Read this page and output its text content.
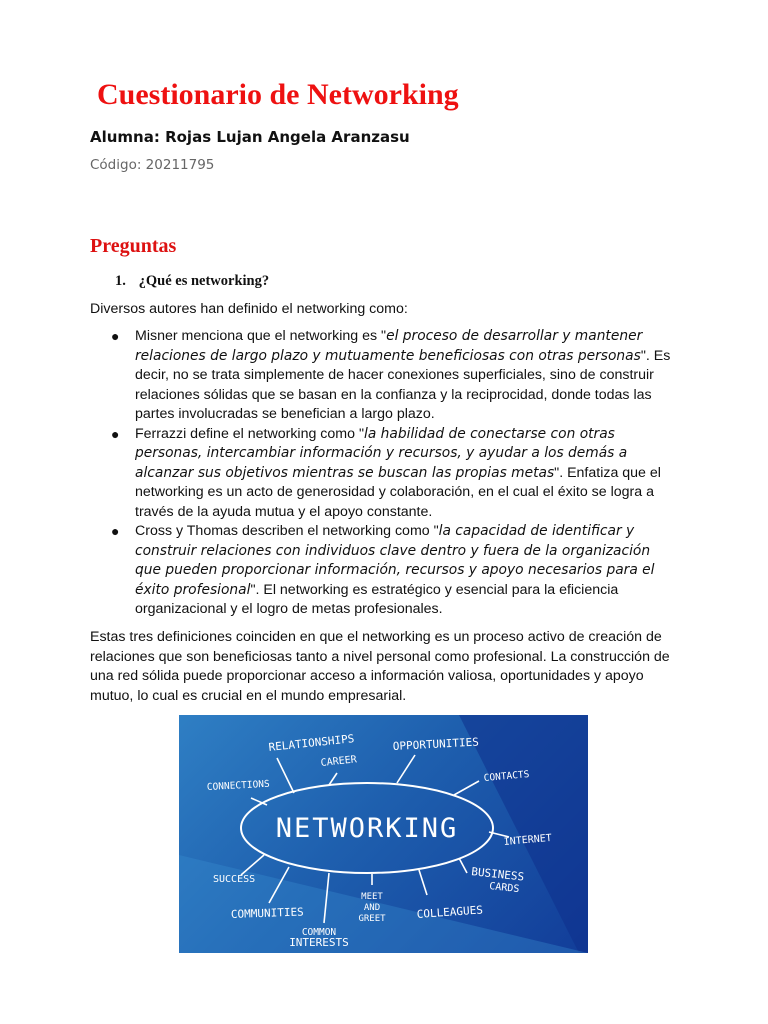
Cuestionario de Networking
Alumna: Rojas Lujan Angela Aranzasu
Código: 20211795
Preguntas
1. ¿Qué es networking?

Diversos autores han definido el networking como:

● Misner menciona que el networking es "el proceso de desarrollar y mantener relaciones de largo plazo y mutuamente beneficiosas con otras personas". Es decir, no se trata simplemente de hacer conexiones superficiales, sino de construir relaciones sólidas que se basan en la confianza y la reciprocidad, donde todas las partes involucradas se benefician a largo plazo.
● Ferrazzi define el networking como "la habilidad de conectarse con otras personas, intercambiar información y recursos, y ayudar a los demás a alcanzar sus objetivos mientras se buscan las propias metas". Enfatiza que el networking es un acto de generosidad y colaboración, en el cual el éxito se logra a través de la ayuda mutua y el apoyo constante.
● Cross y Thomas describen el networking como "la capacidad de identificar y construir relaciones con individuos clave dentro y fuera de la organización que pueden proporcionar información, recursos y apoyo necesarios para el éxito profesional". El networking es estratégico y esencial para la eficiencia organizacional y el logro de metas profesionales.

Estas tres definiciones coinciden en que el networking es un proceso activo de creación de relaciones que son beneficiosas tanto a nivel personal como profesional. La construcción de una red sólida puede proporcionar acceso a información valiosa, oportunidades y apoyo mutuo, lo cual es crucial en el mundo empresarial.

NETWORKING
RELATIONSHIPS
CAREER
OPPORTUNITIES
CONNECTIONS
CONTACTS
INTERNET
SUCCESS	BUSINESS
CARDS
COMMUNITIES
MEET
AND
GREET	COLLEAGUES
COMMON
INTERESTS
